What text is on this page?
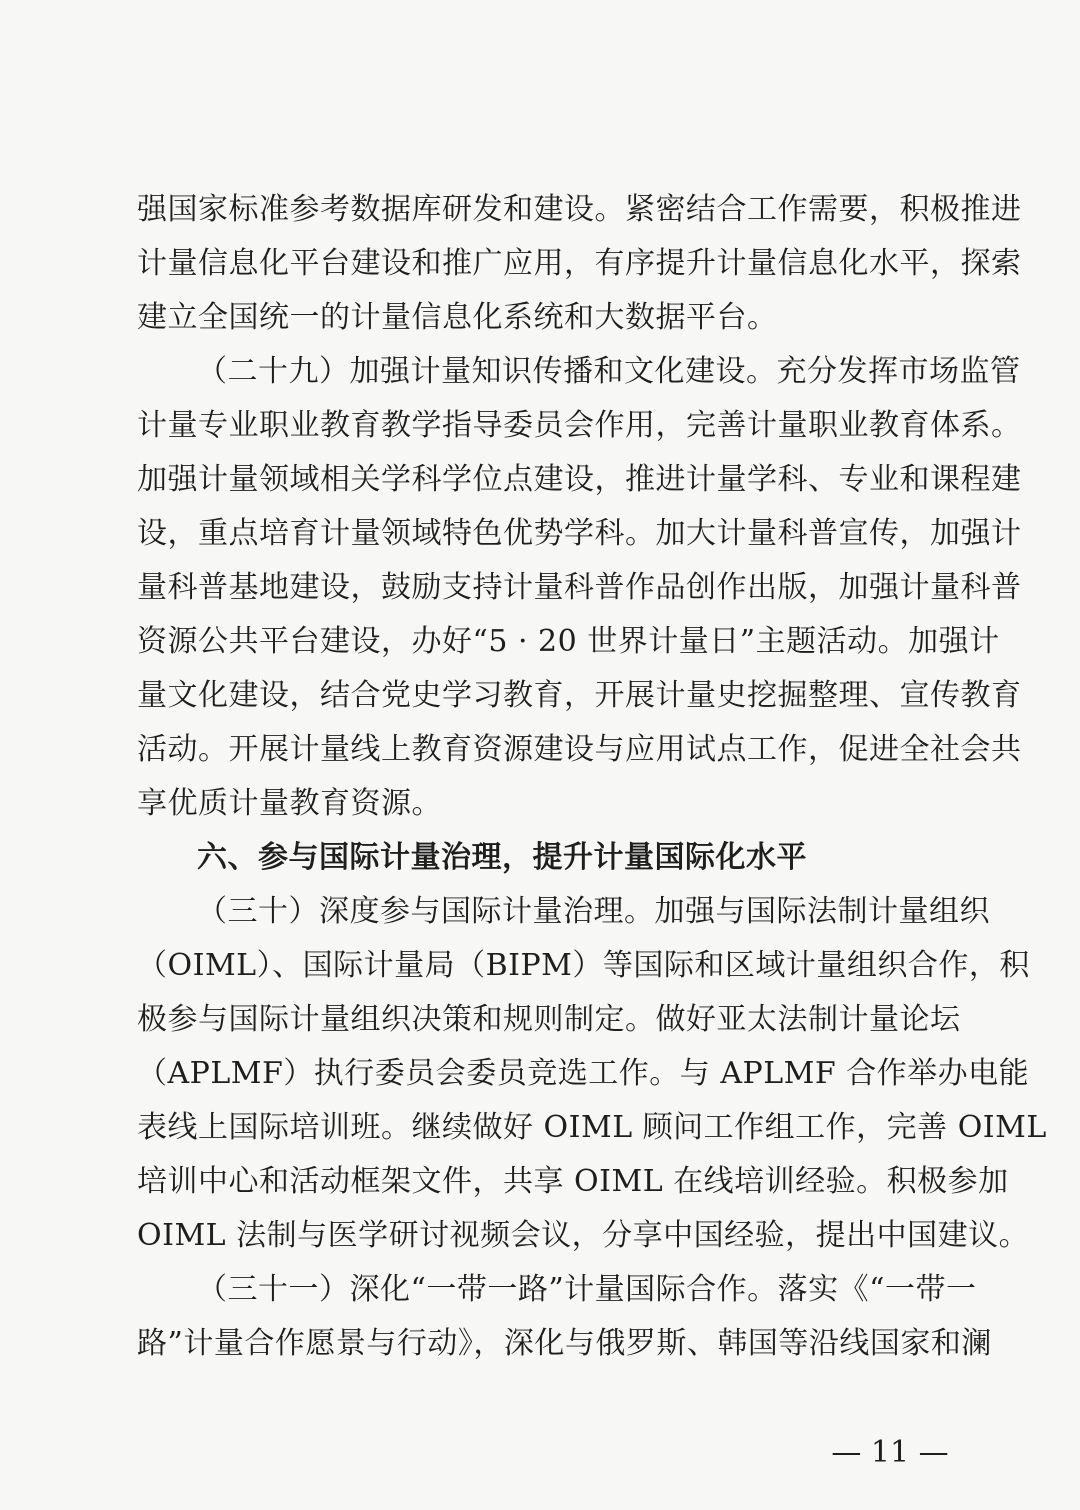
强国家标准参考数据库研发和建设。紧密结合工作需要，积极推进
计量信息化平台建设和推广应用，有序提升计量信息化水平，探索
建立全国统一的计量信息化系统和大数据平台。
（二十九）加强计量知识传播和文化建设。充分发挥市场监管
计量专业职业教育教学指导委员会作用，完善计量职业教育体系。
加强计量领域相关学科学位点建设，推进计量学科、专业和课程建
设，重点培育计量领域特色优势学科。加大计量科普宣传，加强计
量科普基地建设，鼓励支持计量科普作品创作出版，加强计量科普
资源公共平台建设，办好“5 · 20 世界计量日”主题活动。加强计
量文化建设，结合党史学习教育，开展计量史挖掘整理、宣传教育
活动。开展计量线上教育资源建设与应用试点工作，促进全社会共
享优质计量教育资源。
六、参与国际计量治理，提升计量国际化水平
（三十）深度参与国际计量治理。加强与国际法制计量组织
（OIML）、国际计量局（BIPM）等国际和区域计量组织合作，积
极参与国际计量组织决策和规则制定。做好亚太法制计量论坛
（APLMF）执行委员会委员竞选工作。与 APLMF 合作举办电能
表线上国际培训班。继续做好 OIML 顾问工作组工作，完善 OIML
培训中心和活动框架文件，共享 OIML 在线培训经验。积极参加
OIML 法制与医学研讨视频会议，分享中国经验，提出中国建议。
（三十一）深化“一带一路”计量国际合作。落实《“一带一
路”计量合作愿景与行动》，深化与俄罗斯、韩国等沿线国家和澜
— 11 —
